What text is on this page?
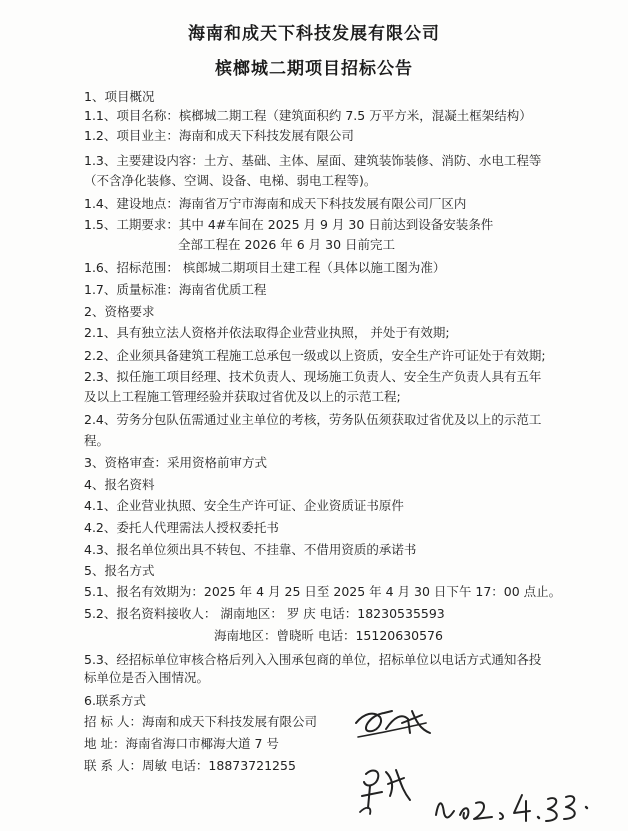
海南和成天下科技发展有限公司
槟榔城二期项目招标公告
1、项目概况
1.1、项目名称：槟榔城二期工程（建筑面积约 7.5 万平方米，混凝土框架结构）
1.2、项目业主：海南和成天下科技发展有限公司
1.3、主要建设内容：土方、基础、主体、屋面、建筑装饰装修、消防、水电工程等
（不含净化装修、空调、设备、电梯、弱电工程等)。
1.4、建设地点：海南省万宁市海南和成天下科技发展有限公司厂区内
1.5、工期要求：其中 4#车间在 2025 月 9 月 30 日前达到设备安装条件
全部工程在 2026 年 6 月 30 日前完工
1.6、招标范围： 槟郎城二期项目土建工程（具体以施工图为准）
1.7、质量标准：海南省优质工程
2、资格要求
2.1、具有独立法人资格并依法取得企业营业执照， 并处于有效期;
2.2、企业须具备建筑工程施工总承包一级或以上资质，安全生产许可证处于有效期;
2.3、拟任施工项目经理、技术负责人、现场施工负责人、安全生产负责人具有五年
及以上工程施工管理经验并获取过省优及以上的示范工程;
2.4、劳务分包队伍需通过业主单位的考核，劳务队伍须获取过省优及以上的示范工
程。
3、资格审查：采用资格前审方式
4、报名资料
4.1、企业营业执照、安全生产许可证、企业资质证书原件
4.2、委托人代理需法人授权委托书
4.3、报名单位须出具不转包、不挂靠、不借用资质的承诺书
5、报名方式
5.1、报名有效期为：2025 年 4 月 25 日至 2025 年 4 月 30 日下午 17：00 点止。
5.2、报名资料接收人： 湖南地区： 罗 庆 电话：18230535593
海南地区：曾晓昕 电话：15120630576
5.3、经招标单位审核合格后列入入围承包商的单位，招标单位以电话方式通知各投
标单位是否入围情况。
6.联系方式
招 标 人：海南和成天下科技发展有限公司
地 址：海南省海口市椰海大道 7 号
联 系 人：周敏 电话：18873721255
